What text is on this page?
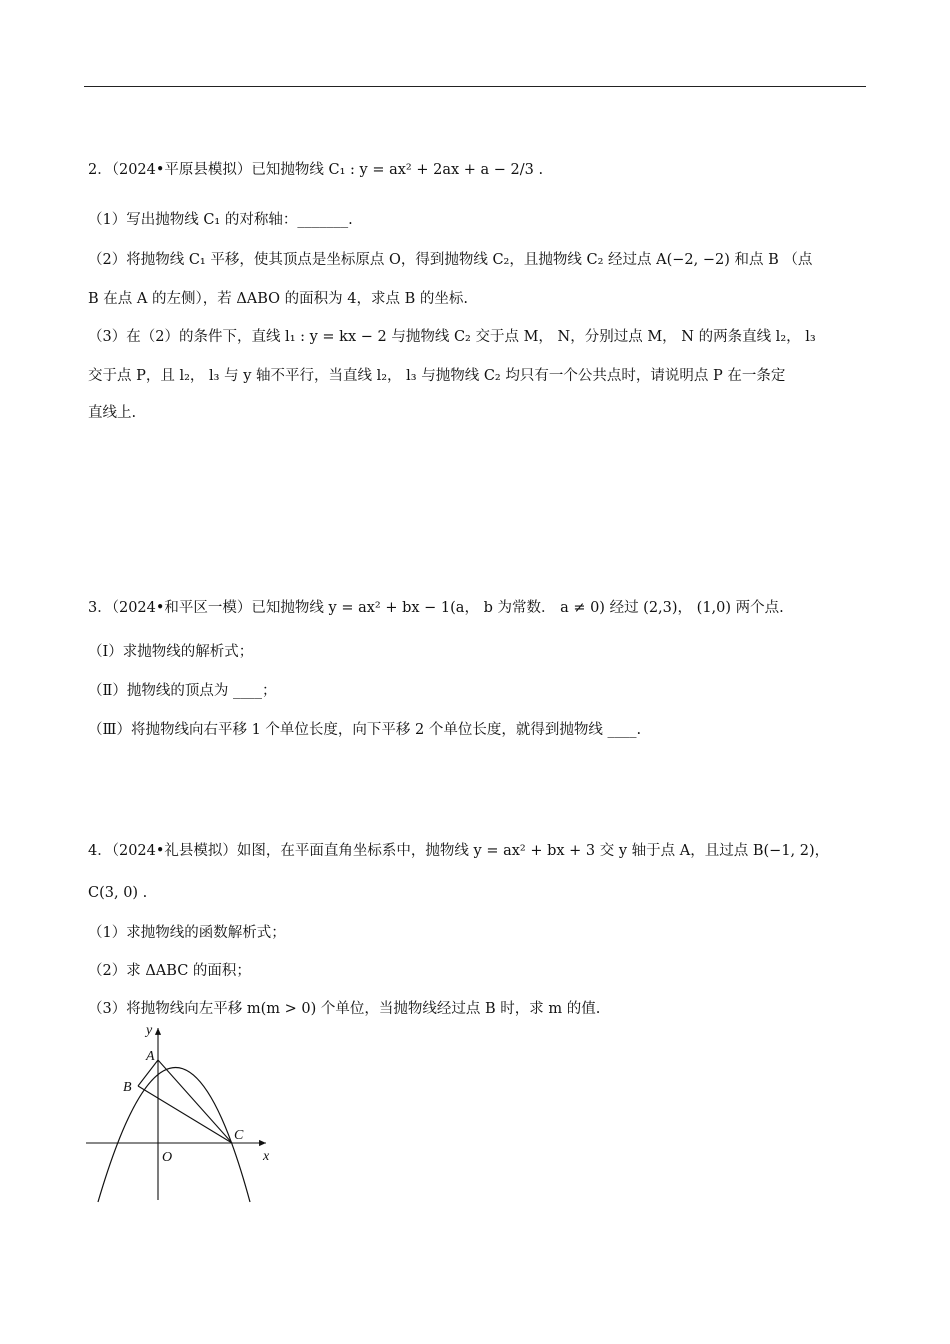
2．（2024•平原县模拟）已知抛物线 C₁ : y = ax² + 2ax + a − 2/3 .
（1）写出抛物线 C₁ 的对称轴：_______.
（2）将抛物线 C₁ 平移，使其顶点是坐标原点 O，得到抛物线 C₂，且抛物线 C₂ 经过点 A(−2, −2) 和点 B （点
B 在点 A 的左侧），若 ΔABO 的面积为 4，求点 B 的坐标.
（3）在（2）的条件下，直线 l₁ : y = kx − 2 与抛物线 C₂ 交于点 M， N，分别过点 M， N 的两条直线 l₂， l₃
交于点 P，且 l₂， l₃ 与 y 轴不平行，当直线 l₂， l₃ 与抛物线 C₂ 均只有一个公共点时，请说明点 P 在一条定
直线上.
3．（2024•和平区一模）已知抛物线 y = ax² + bx − 1(a， b 为常数． a ≠ 0) 经过 (2,3)， (1,0) 两个点.
（Ⅰ）求抛物线的解析式；
（Ⅱ）抛物线的顶点为 ____；
（Ⅲ）将抛物线向右平移 1 个单位长度，向下平移 2 个单位长度，就得到抛物线 ____.
4．（2024•礼县模拟）如图，在平面直角坐标系中，抛物线 y = ax² + bx + 3 交 y 轴于点 A，且过点 B(−1, 2)，
C(3, 0) .
（1）求抛物线的函数解析式；
（2）求 ΔABC 的面积；
（3）将抛物线向左平移 m(m > 0) 个单位，当抛物线经过点 B 时，求 m 的值.
y
x
A
B
C
O
